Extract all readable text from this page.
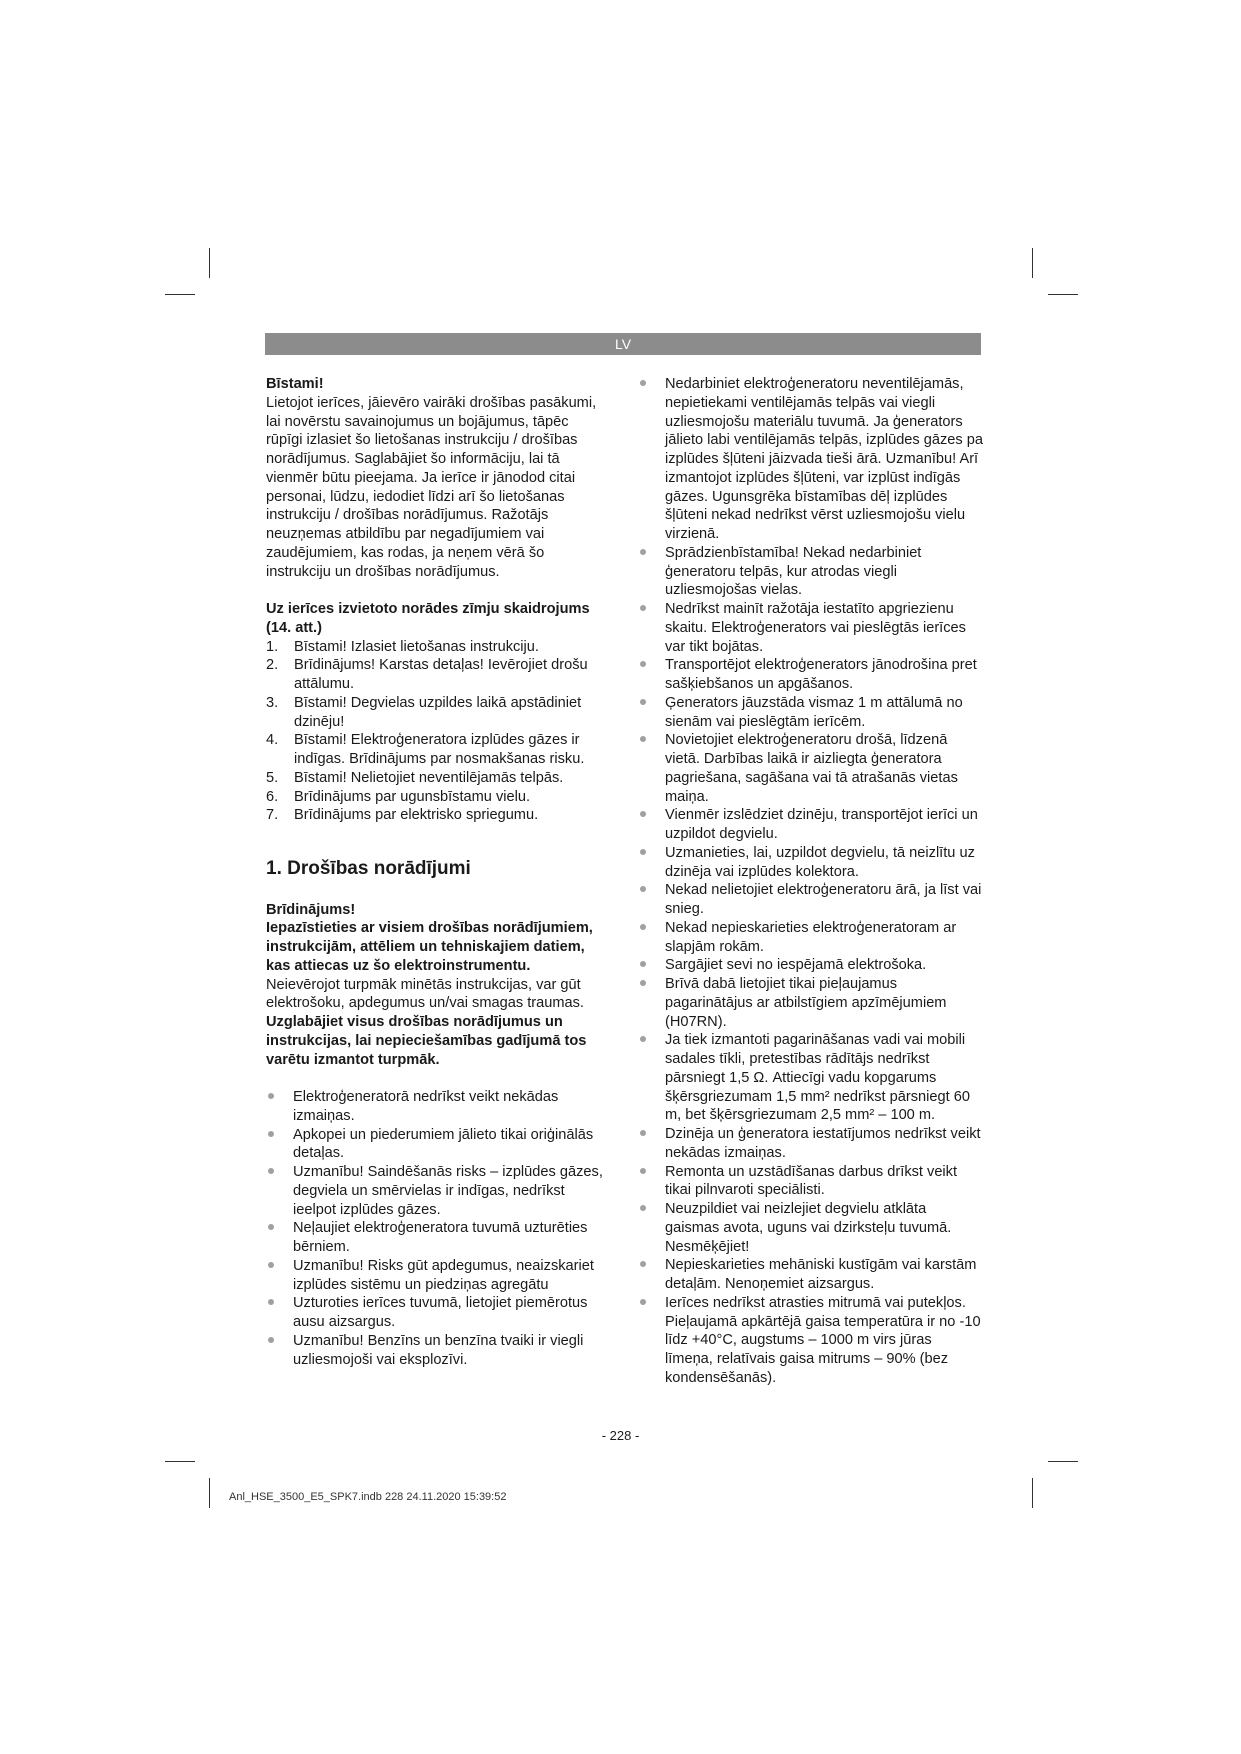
LV

Bīstami!

Lietojot ierīces, jāievēro vairāki drošības pasākumi, lai novērstu savainojumus un bojājumus, tāpēc rūpīgi izlasiet šo lietošanas instrukciju / drošības norādījumus. Saglabājiet šo informāciju, lai tā vienmēr būtu pieejama. Ja ierīce ir jānodod citai personai, lūdzu, iedodiet līdzi arī šo lietošanas instrukciju / drošības norādījumus. Ražotājs neuzņemas atbildību par negadījumiem vai zaudējumiem, kas rodas, ja neņem vērā šo instrukciju un drošības norādījumus.

Uz ierīces izvietoto norādes zīmju skaidrojums (14. att.)

1. Bīstami! Izlasiet lietošanas instrukciju.
2. Brīdinājums! Karstas detaļas! Ievērojiet drošu attālumu.
3. Bīstami! Degvielas uzpildes laikā apstādiniet dzinēju!
4. Bīstami! Elektroģeneratora izplūdes gāzes ir indīgas. Brīdinājums par nosmakšanas risku.
5. Bīstami! Nelietojiet neventilējamās telpās.
6. Brīdinājums par ugunsbīstamu vielu.
7. Brīdinājums par elektrisko spriegumu.
1. Drošības norādījumi

Brīdinājums!

Iepazīstieties ar visiem drošības norādījumiem, instrukcijām, attēliem un tehniskajiem datiem, kas attiecas uz šo elektroinstrumentu. Neievērojot turpmāk minētās instrukcijas, var gūt elektrošoku, apdegumus un/vai smagas traumas.

Uzglabājiet visus drošības norādījumus un instrukcijas, lai nepieciešamības gadījumā tos varētu izmantot turpmāk.

Elektroģeneratorā nedrīkst veikt nekādas izmaiņas.
Apkopei un piederumiem jālieto tikai oriģinālās detaļas.
Uzmanību! Saindēšanās risks – izplūdes gāzes, degviela un smērvielas ir indīgas, nedrīkst ieelpot izplūdes gāzes.
Neļaujiet elektroģeneratora tuvumā uzturēties bērniem.
Uzmanību! Risks gūt apdegumus, neaizskariet izplūdes sistēmu un piedziņas agregātu
Uzturoties ierīces tuvumā, lietojiet piemērotus ausu aizsargus.
Uzmanību! Benzīns un benzīna tvaiki ir viegli uzliesmojoši vai eksplozīvi.
Nedarbiniet elektroģeneratoru neventilējamās, nepietiekami ventilējamās telpās vai viegli uzliesmojošu materiālu tuvumā. Ja ģenerators jālieto labi ventilējamās telpās, izplūdes gāzes pa izplūdes šļūteni jāizvada tieši ārā. Uzmanību! Arī izmantojot izplūdes šļūteni, var izplūst indīgās gāzes. Ugunsgrēka bīstamības dēļ izplūdes šļūteni nekad nedrīkst vērst uzliesmojošu vielu virzienā.
Sprādzienbīstamība! Nekad nedarbiniet ģeneratoru telpās, kur atrodas viegli uzliesmojošas vielas.
Nedrīkst mainīt ražotāja iestatīto apgriezienu skaitu. Elektroģenerators vai pieslēgtās ierīces var tikt bojātas.
Transportējot elektroģenerators jānodrošina pret sašķiebšanos un apgāšanos.
Ģenerators jāuzstāda vismaz 1 m attālumā no sienām vai pieslēgtām ierīcēm.
Novietojiet elektroģeneratoru drošā, līdzenā vietā. Darbības laikā ir aizliegta ģeneratora pagriešana, sagāšana vai tā atrašanās vietas maiņa.
Vienmēr izslēdziet dzinēju, transportējot ierīci un uzpildot degvielu.
Uzmanieties, lai, uzpildot degvielu, tā neizlītu uz dzinēja vai izplūdes kolektora.
Nekad nelietojiet elektroģeneratoru ārā, ja līst vai snieg.
Nekad nepieskarieties elektroģeneratoram ar slapjām rokām.
Sargājiet sevi no iespējamā elektrošoka.
Brīvā dabā lietojiet tikai pieļaujamus pagarinātājus ar atbilstīgiem apzīmējumiem (H07RN).
Ja tiek izmantoti pagarināšanas vadi vai mobili sadales tīkli, pretestības rādītājs nedrīkst pārsniegt 1,5 Ω. Attiecīgi vadu kopgarums šķērsgriezumam 1,5 mm² nedrīkst pārsniegt 60 m, bet šķērsgriezumam 2,5 mm² – 100 m.
Dzinēja un ģeneratora iestatījumos nedrīkst veikt nekādas izmaiņas.
Remonta un uzstādīšanas darbus drīkst veikt tikai pilnvaroti speciālisti.
Neuzpildiet vai neizlejiet degvielu atklāta gaismas avota, uguns vai dzirksteļu tuvumā. Nesmēķējiet!
Nepieskarieties mehāniski kustīgām vai karstām detaļām. Nenoņemiet aizsargus.
Ierīces nedrīkst atrasties mitrumā vai putekļos. Pieļaujamā apkārtējā gaisa temperatūra ir no -10 līdz +40°C, augstums – 1000 m virs jūras līmeņa, relatīvais gaisa mitrums – 90% (bez kondensēšanās).
- 228 -
Anl_HSE_3500_E5_SPK7.indb 228 24.11.2020 15:39:52
